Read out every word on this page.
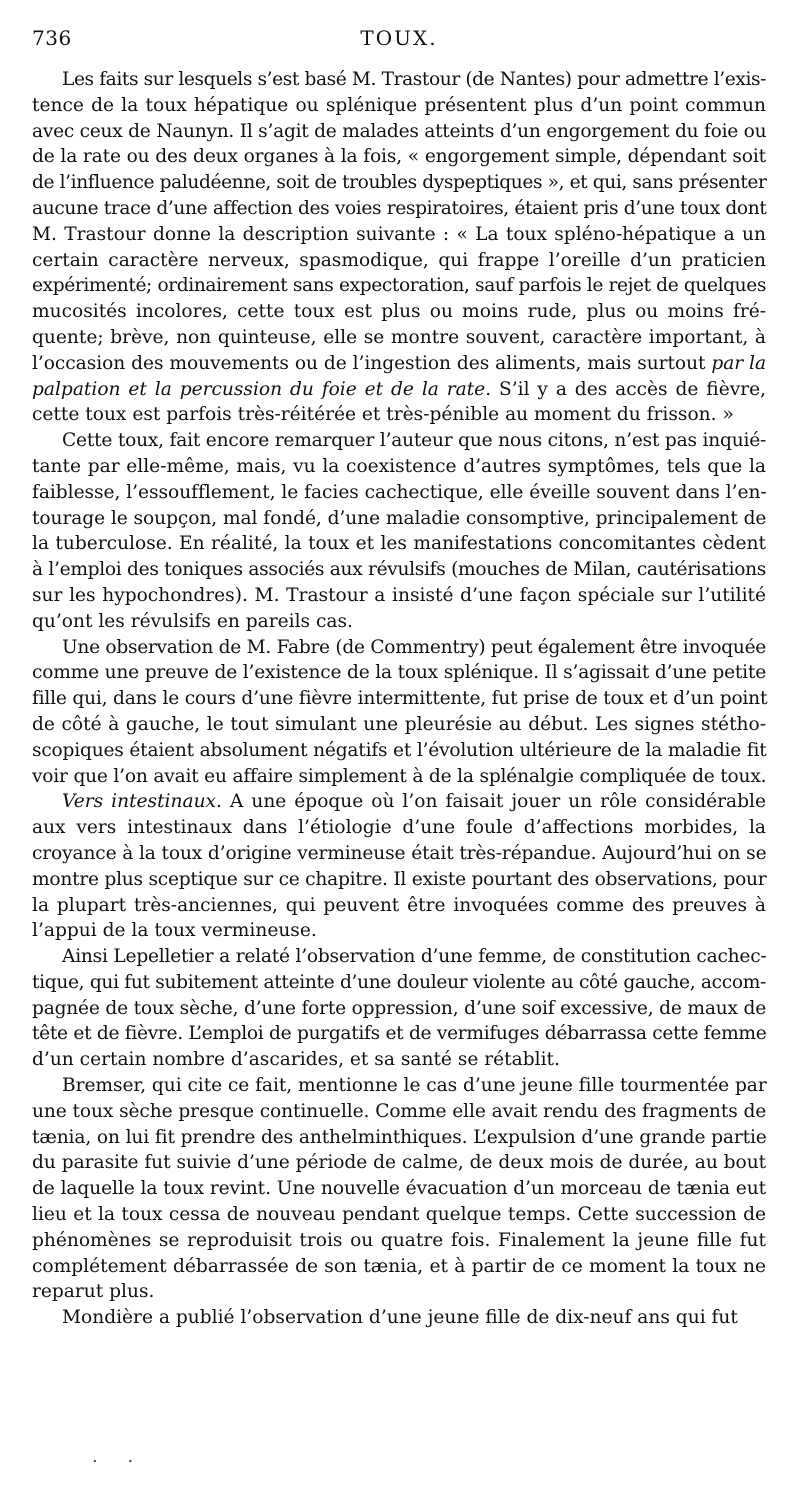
736	TOUX.
Les faits sur lesquels s’est basé M. Trastour (de Nantes) pour admettre l’exis-
tence de la toux hépatique ou splénique présentent plus d’un point commun
avec ceux de Naunyn. Il s’agit de malades atteints d’un engorgement du foie ou
de la rate ou des deux organes à la fois, « engorgement simple, dépendant soit
de l’influence paludéenne, soit de troubles dyspeptiques », et qui, sans présenter
aucune trace d’une affection des voies respiratoires, étaient pris d’une toux dont
M. Trastour donne la description suivante : « La toux spléno-hépatique a un
certain caractère nerveux, spasmodique, qui frappe l’oreille d’un praticien
expérimenté; ordinairement sans expectoration, sauf parfois le rejet de quelques
mucosités incolores, cette toux est plus ou moins rude, plus ou moins fré-
quente; brève, non quinteuse, elle se montre souvent, caractère important, à
l’occasion des mouvements ou de l’ingestion des aliments, mais surtout par la
palpation et la percussion du foie et de la rate. S’il y a des accès de fièvre,
cette toux est parfois très-réitérée et très-pénible au moment du frisson. »
Cette toux, fait encore remarquer l’auteur que nous citons, n’est pas inquié-
tante par elle-même, mais, vu la coexistence d’autres symptômes, tels que la
faiblesse, l’essoufflement, le facies cachectique, elle éveille souvent dans l’en-
tourage le soupçon, mal fondé, d’une maladie consomptive, principalement de
la tuberculose. En réalité, la toux et les manifestations concomitantes cèdent
à l’emploi des toniques associés aux révulsifs (mouches de Milan, cautérisations
sur les hypochondres). M. Trastour a insisté d’une façon spéciale sur l’utilité
qu’ont les révulsifs en pareils cas.
Une observation de M. Fabre (de Commentry) peut également être invoquée
comme une preuve de l’existence de la toux splénique. Il s’agissait d’une petite
fille qui, dans le cours d’une fièvre intermittente, fut prise de toux et d’un point
de côté à gauche, le tout simulant une pleurésie au début. Les signes stétho-
scopiques étaient absolument négatifs et l’évolution ultérieure de la maladie fit
voir que l’on avait eu affaire simplement à de la splénalgie compliquée de toux.
Vers intestinaux. A une époque où l’on faisait jouer un rôle considérable
aux vers intestinaux dans l’étiologie d’une foule d’affections morbides, la
croyance à la toux d’origine vermineuse était très-répandue. Aujourd’hui on se
montre plus sceptique sur ce chapitre. Il existe pourtant des observations, pour
la plupart très-anciennes, qui peuvent être invoquées comme des preuves à
l’appui de la toux vermineuse.
Ainsi Lepelletier a relaté l’observation d’une femme, de constitution cachec-
tique, qui fut subitement atteinte d’une douleur violente au côté gauche, accom-
pagnée de toux sèche, d’une forte oppression, d’une soif excessive, de maux de
tête et de fièvre. L’emploi de purgatifs et de vermifuges débarrassa cette femme
d’un certain nombre d’ascarides, et sa santé se rétablit.
Bremser, qui cite ce fait, mentionne le cas d’une jeune fille tourmentée par
une toux sèche presque continuelle. Comme elle avait rendu des fragments de
tænia, on lui fit prendre des anthelminthiques. L’expulsion d’une grande partie
du parasite fut suivie d’une période de calme, de deux mois de durée, au bout
de laquelle la toux revint. Une nouvelle évacuation d’un morceau de tænia eut
lieu et la toux cessa de nouveau pendant quelque temps. Cette succession de
phénomènes se reproduisit trois ou quatre fois. Finalement la jeune fille fut
complétement débarrassée de son tænia, et à partir de ce moment la toux ne
reparut plus.
Mondière a publié l’observation d’une jeune fille de dix-neuf ans qui fut
. .
